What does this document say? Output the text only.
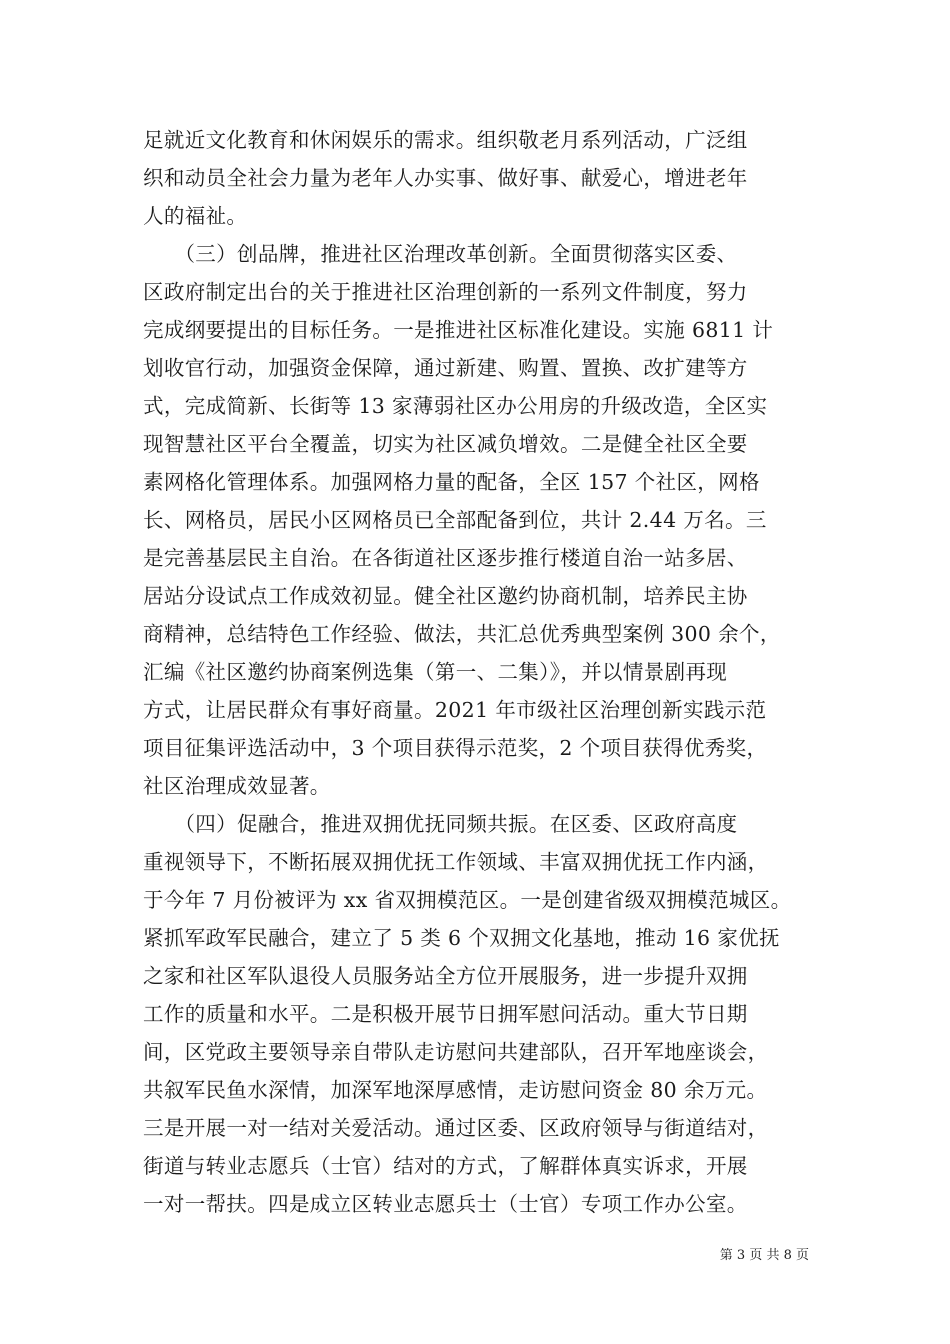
足就近文化教育和休闲娱乐的需求。组织敬老月系列活动，广泛组
织和动员全社会力量为老年人办实事、做好事、献爱心，增进老年
人的福祉。
　　（三）创品牌，推进社区治理改革创新。全面贯彻落实区委、
区政府制定出台的关于推进社区治理创新的一系列文件制度，努力
完成纲要提出的目标任务。一是推进社区标准化建设。实施 6811 计
划收官行动，加强资金保障，通过新建、购置、置换、改扩建等方
式，完成简新、长街等 13 家薄弱社区办公用房的升级改造，全区实
现智慧社区平台全覆盖，切实为社区减负增效。二是健全社区全要
素网格化管理体系。加强网格力量的配备，全区 157 个社区，网格
长、网格员，居民小区网格员已全部配备到位，共计 2.44 万名。三
是完善基层民主自治。在各街道社区逐步推行楼道自治一站多居、
居站分设试点工作成效初显。健全社区邀约协商机制，培养民主协
商精神，总结特色工作经验、做法，共汇总优秀典型案例 300 余个，
汇编《社区邀约协商案例选集（第一、二集）》，并以情景剧再现
方式，让居民群众有事好商量。2021 年市级社区治理创新实践示范
项目征集评选活动中，3 个项目获得示范奖，2 个项目获得优秀奖，
社区治理成效显著。
　　（四）促融合，推进双拥优抚同频共振。在区委、区政府高度
重视领导下，不断拓展双拥优抚工作领域、丰富双拥优抚工作内涵，
于今年 7 月份被评为 xx 省双拥模范区。一是创建省级双拥模范城区。
紧抓军政军民融合，建立了 5 类 6 个双拥文化基地，推动 16 家优抚
之家和社区军队退役人员服务站全方位开展服务，进一步提升双拥
工作的质量和水平。二是积极开展节日拥军慰问活动。重大节日期
间，区党政主要领导亲自带队走访慰问共建部队，召开军地座谈会，
共叙军民鱼水深情，加深军地深厚感情，走访慰问资金 80 余万元。
三是开展一对一结对关爱活动。通过区委、区政府领导与街道结对，
街道与转业志愿兵（士官）结对的方式，了解群体真实诉求，开展
一对一帮扶。四是成立区转业志愿兵士（士官）专项工作办公室。
第 3 页 共 8 页
